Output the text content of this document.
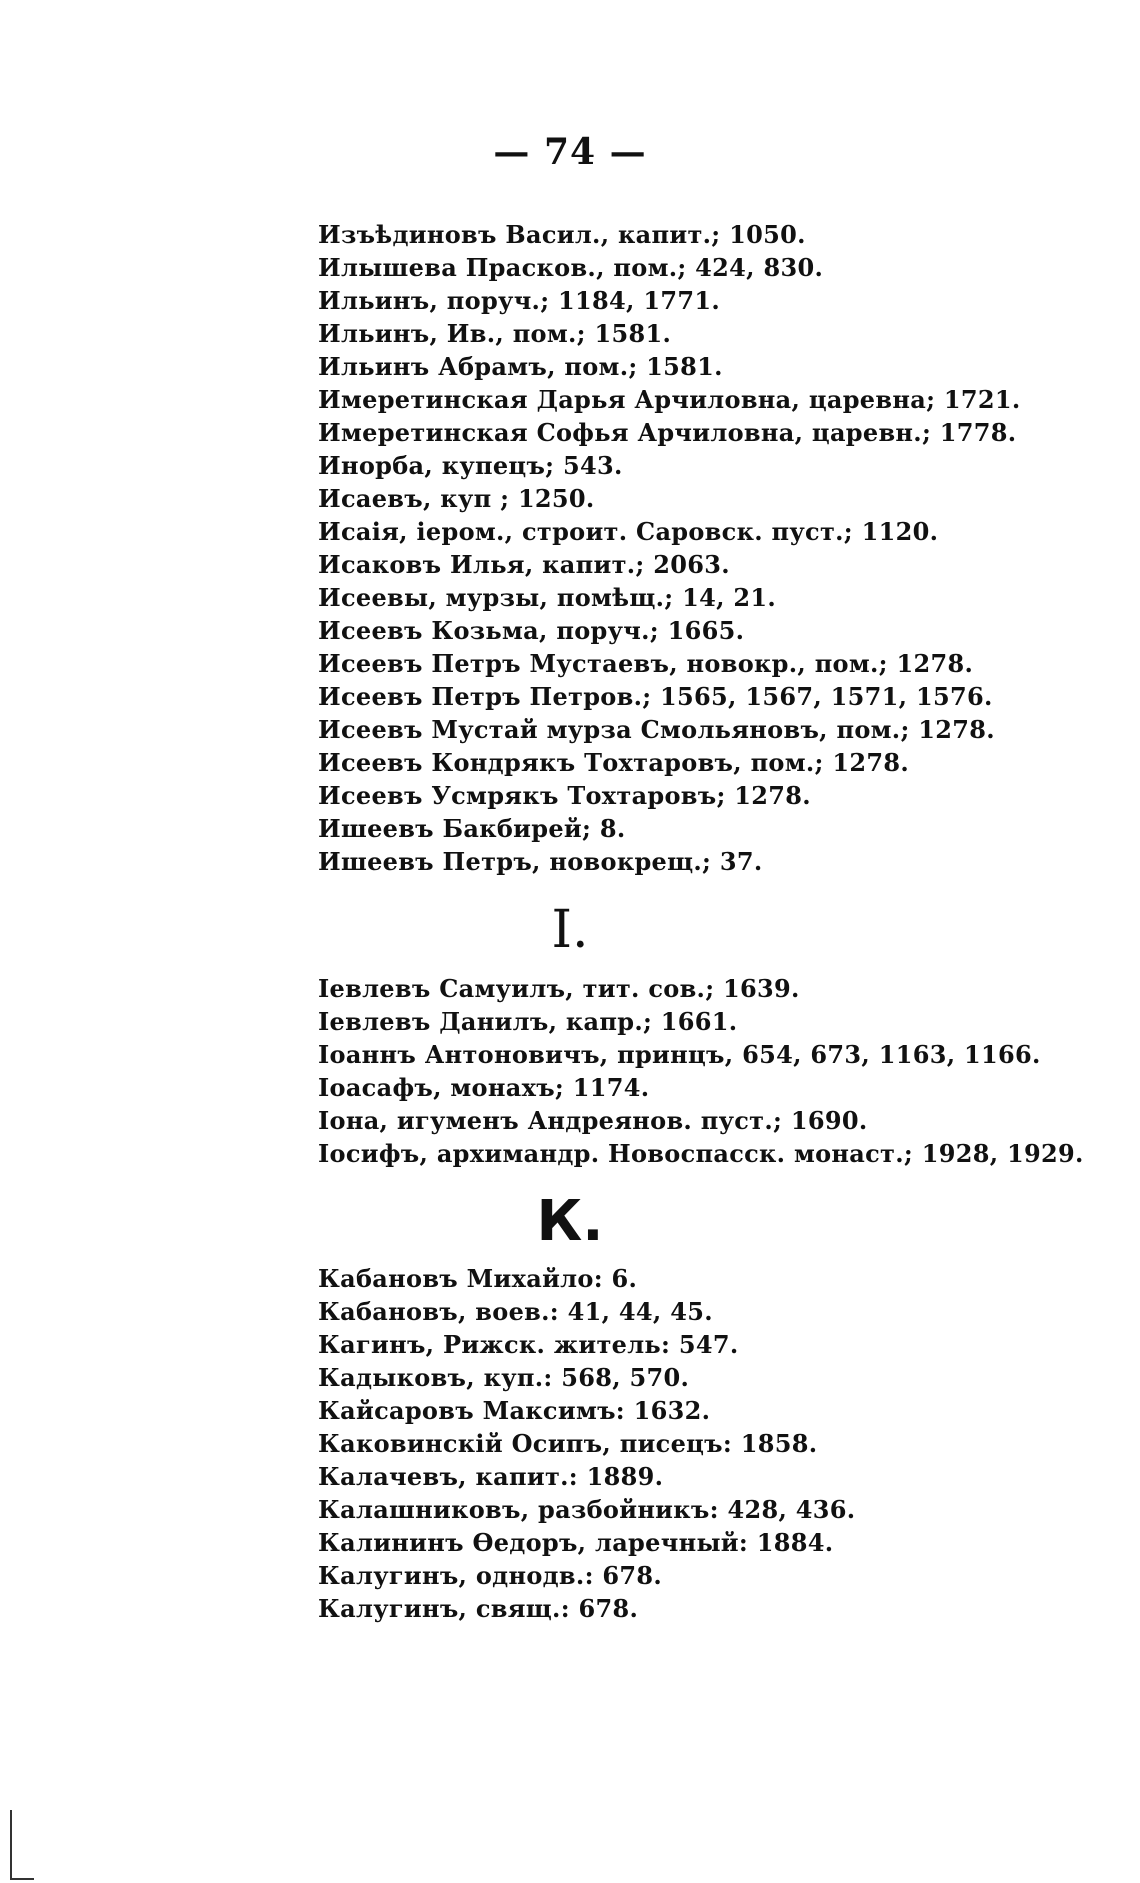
— 74 —
Изъѣдиновъ Васил., капит.; 1050.
Илышева Прасков., пом.; 424, 830.
Ильинъ, поруч.; 1184, 1771.
Ильинъ, Ив., пом.; 1581.
Ильинъ Абрамъ, пом.; 1581.
Имеретинская Дарья Арчиловна, царевна; 1721.
Имеретинская Софья Арчиловна, царевн.; 1778.
Инорба, купецъ; 543.
Исаевъ, куп ; 1250.
Исаія, іером., строит. Саровск. пуст.; 1120.
Исаковъ Илья, капит.; 2063.
Исеевы, мурзы, помѣщ.; 14, 21.
Исеевъ Козьма, поруч.; 1665.
Исеевъ Петръ Мустаевъ, новокр., пом.; 1278.
Исеевъ Петръ Петров.; 1565, 1567, 1571, 1576.
Исеевъ Мустай мурза Смольяновъ, пом.; 1278.
Исеевъ Кондрякъ Тохтаровъ, пом.; 1278.
Исеевъ Усмрякъ Тохтаровъ; 1278.
Ишеевъ Бакбирей; 8.
Ишеевъ Петръ, новокрещ.; 37.
I.
Іевлевъ Самуилъ, тит. сов.; 1639.
Іевлевъ Данилъ, капр.; 1661.
Іоаннъ Антоновичъ, принцъ, 654, 673, 1163, 1166.
Іоасафъ, монахъ; 1174.
Іона, игуменъ Андреянов. пуст.; 1690.
Іосифъ, архимандр. Новоспасск. монаст.; 1928, 1929.
К.
Кабановъ Михайло: 6.
Кабановъ, воев.: 41, 44, 45.
Кагинъ, Рижск. житель: 547.
Кадыковъ, куп.: 568, 570.
Кайсаровъ Максимъ: 1632.
Каковинскій Осипъ, писецъ: 1858.
Калачевъ, капит.: 1889.
Калашниковъ, разбойникъ: 428, 436.
Калининъ Ѳедоръ, ларечный: 1884.
Калугинъ, однодв.: 678.
Калугинъ, свящ.: 678.
